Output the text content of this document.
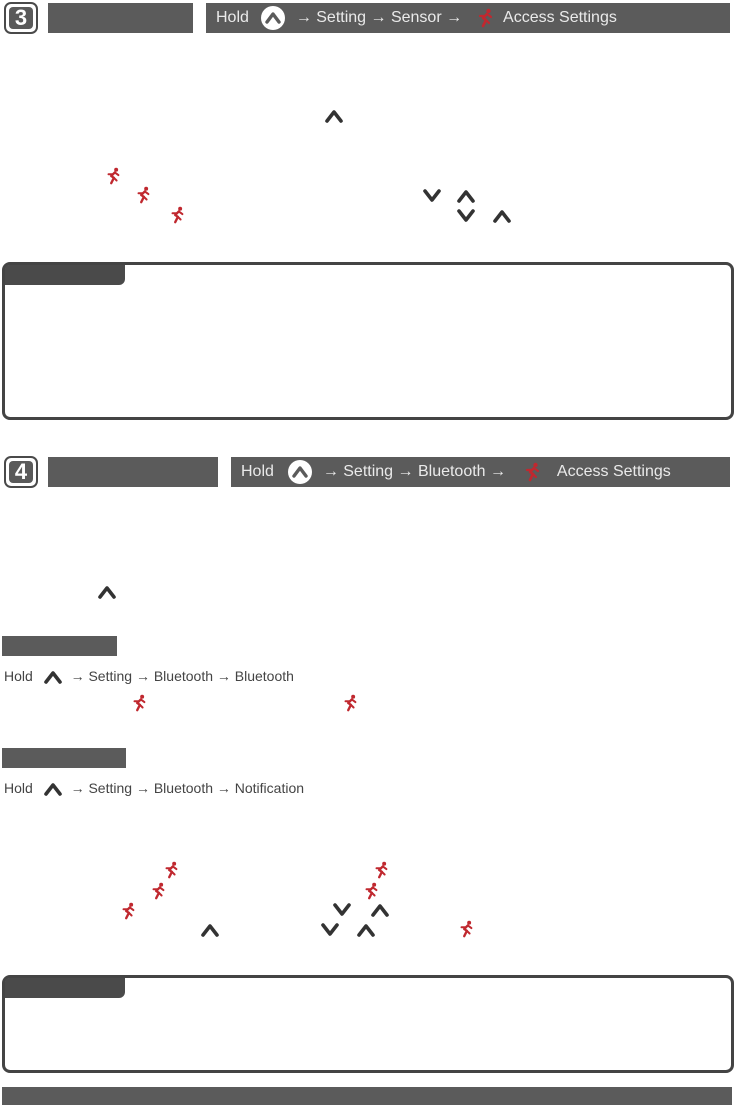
3	Hold	→ Setting → Sensor →	Access Settings
4	Hold	→ Setting → Bluetooth →	Access Settings
Hold	→ Setting → Bluetooth → Bluetooth
Hold	→ Setting → Bluetooth → Notification
